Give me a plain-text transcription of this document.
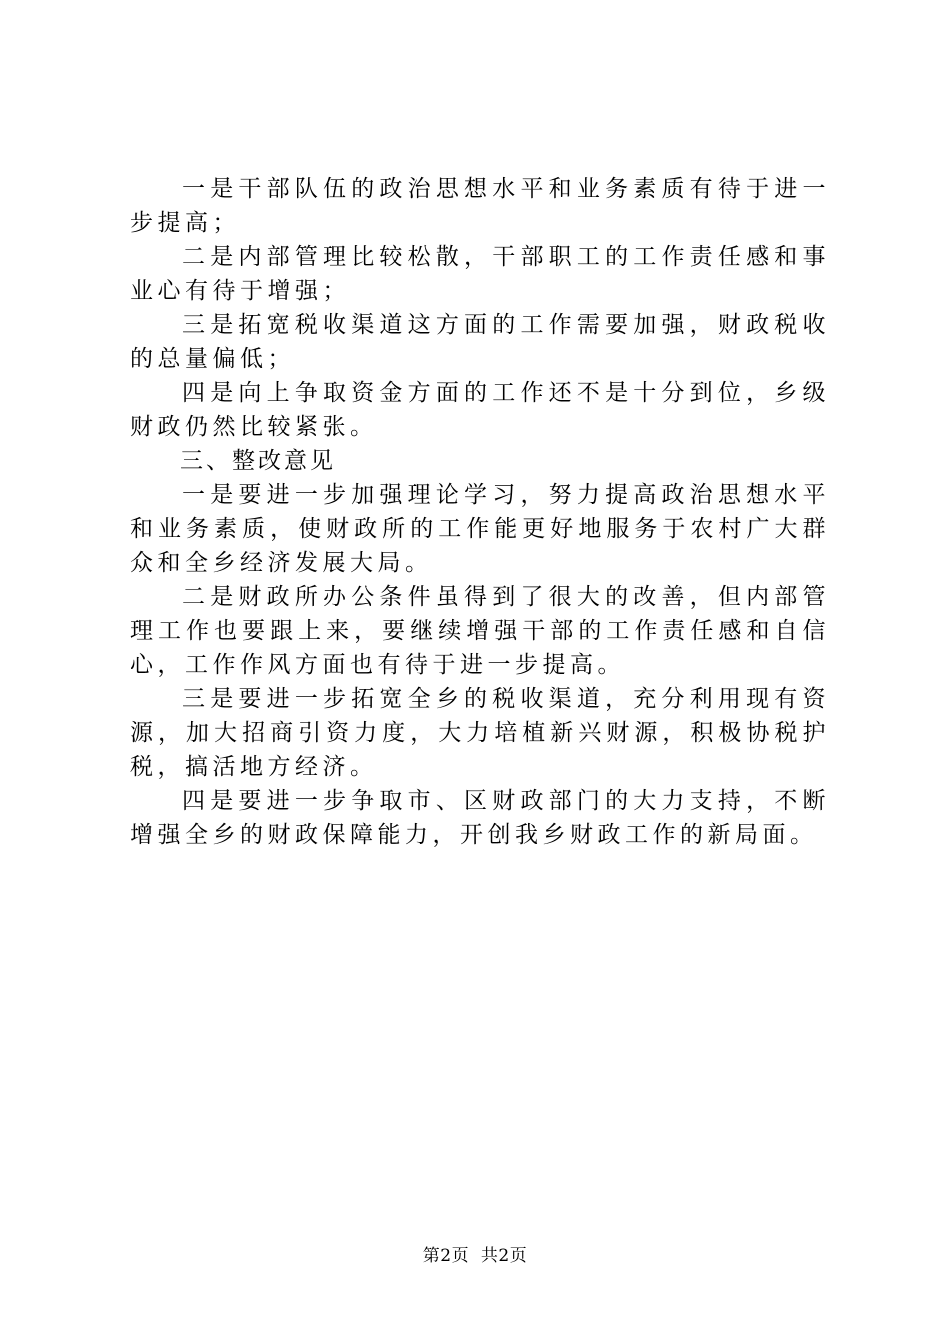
一是干部队伍的政治思想水平和业务素质有待于进一步提高；

二是内部管理比较松散，干部职工的工作责任感和事业心有待于增强；

三是拓宽税收渠道这方面的工作需要加强，财政税收的总量偏低；

四是向上争取资金方面的工作还不是十分到位，乡级财政仍然比较紧张。

三、整改意见

一是要进一步加强理论学习，努力提高政治思想水平和业务素质，使财政所的工作能更好地服务于农村广大群众和全乡经济发展大局。

二是财政所办公条件虽得到了很大的改善，但内部管理工作也要跟上来，要继续增强干部的工作责任感和自信心，工作作风方面也有待于进一步提高。

三是要进一步拓宽全乡的税收渠道，充分利用现有资源，加大招商引资力度，大力培植新兴财源，积极协税护税，搞活地方经济。

四是要进一步争取市、区财政部门的大力支持，不断增强全乡的财政保障能力，开创我乡财政工作的新局面。

第2页  共2页
